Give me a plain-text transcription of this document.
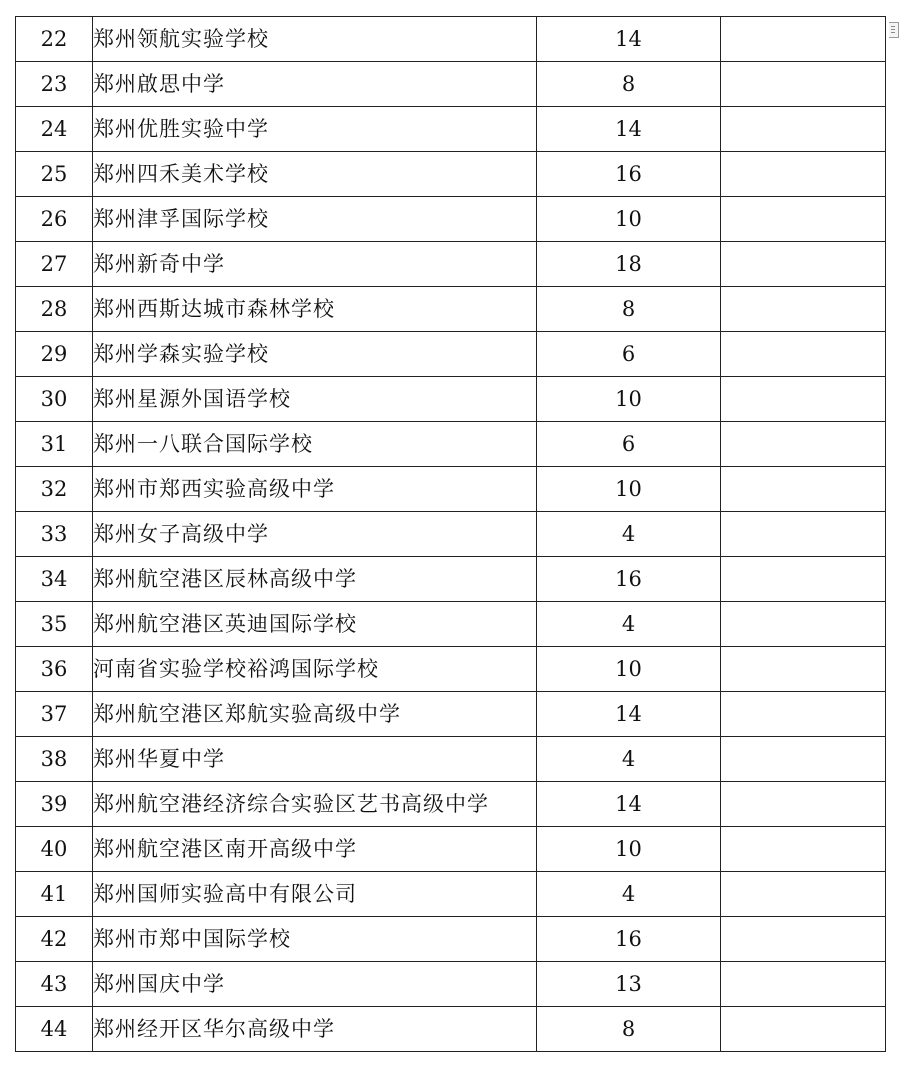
22	郑州领航实验学校	14	
23	郑州啟思中学	8	
24	郑州优胜实验中学	14	
25	郑州四禾美术学校	16	
26	郑州津孚国际学校	10	
27	郑州新奇中学	18	
28	郑州西斯达城市森林学校	8	
29	郑州学森实验学校	6	
30	郑州星源外国语学校	10	
31	郑州一八联合国际学校	6	
32	郑州市郑西实验高级中学	10	
33	郑州女子高级中学	4	
34	郑州航空港区辰林高级中学	16	
35	郑州航空港区英迪国际学校	4	
36	河南省实验学校裕鸿国际学校	10	
37	郑州航空港区郑航实验高级中学	14	
38	郑州华夏中学	4	
39	郑州航空港经济综合实验区艺书高级中学	14	
40	郑州航空港区南开高级中学	10	
41	郑州国师实验高中有限公司	4	
42	郑州市郑中国际学校	16	
43	郑州国庆中学	13	
44	郑州经开区华尔高级中学	8	
